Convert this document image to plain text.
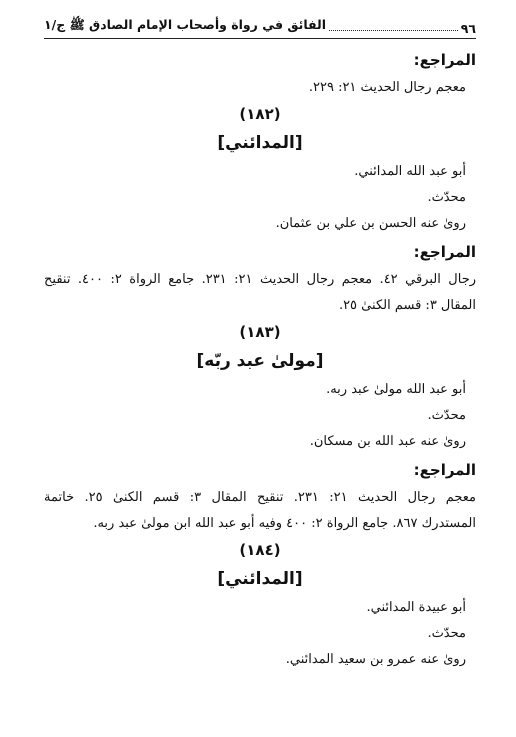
٩٦
الفائق في رواة وأصحاب الإمام الصادق ﷺ ج/١
المراجع:
معجم رجال الحديث ٢١: ٢٢٩.
(١٨٢)
[المدائني]
أبو عبد الله المدائني.
محدّث.
روىٰ عنه الحسن بن علي بن عثمان.
المراجع:
رجال البرقي ٤٢. معجم رجال الحديث ٢١: ٢٣١. جامع الرواة ٢: ٤٠٠. تنقيح
المقال ٣: قسم الكنىٰ ٢٥.
(١٨٣)
[مولىٰ عبد ربّه]
أبو عبد الله مولىٰ عبد ربه.
محدّث.
روىٰ عنه عبد الله بن مسكان.
المراجع:
معجم رجال الحديث ٢١: ٢٣١. تنقيح المقال ٣: قسم الكنىٰ ٢٥. خاتمة
المستدرك ٨٦٧. جامع الرواة ٢: ٤٠٠ وفيه أبو عبد الله ابن مولىٰ عبد ربه.
(١٨٤)
[المدائني]
أبو عبيدة المدائني.
محدّث.
روىٰ عنه عمرو بن سعيد المدائني.
